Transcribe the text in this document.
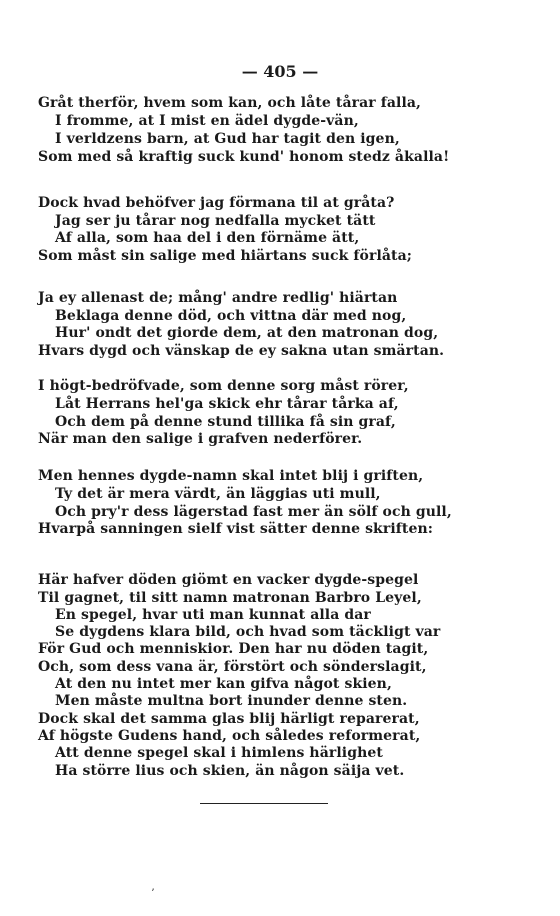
— 405 —
Gråt therför, hvem som kan, och låte tårar falla,
I fromme, at I mist en ädel dygde-vän,
I verldzens barn, at Gud har tagit den igen,
Som med så kraftig suck kund' honom stedz åkalla!
Dock hvad behöfver jag förmana til at gråta?
Jag ser ju tårar nog nedfalla mycket tätt
Af alla, som haa del i den förnäme ätt,
Som måst sin salige med hiärtans suck förlåta;
Ja ey allenast de; mång' andre redlig' hiärtan
Beklaga denne död, och vittna där med nog,
Hur' ondt det giorde dem, at den matronan dog,
Hvars dygd och vänskap de ey sakna utan smärtan.
I högt-bedröfvade, som denne sorg måst rörer,
Låt Herrans hel'ga skick ehr tårar tårka af,
Och dem på denne stund tillika få sin graf,
När man den salige i grafven nederförer.
Men hennes dygde-namn skal intet blij i griften,
Ty det är mera värdt, än läggias uti mull,
Och pry'r dess lägerstad fast mer än sölf och gull,
Hvarpå sanningen sielf vist sätter denne skriften:
Här hafver döden giömt en vacker dygde-spegel
Til gagnet, til sitt namn matronan Barbro Leyel,
En spegel, hvar uti man kunnat alla dar
Se dygdens klara bild, och hvad som täckligt var
För Gud och menniskior. Den har nu döden tagit,
Och, som dess vana är, förstört och sönderslagit,
At den nu intet mer kan gifva något skien,
Men måste multna bort inunder denne sten.
Dock skal det samma glas blij härligt reparerat,
Af högste Gudens hand, och således reformerat,
Att denne spegel skal i himlens härlighet
Ha större lius och skien, än någon säija vet.
ʼ
